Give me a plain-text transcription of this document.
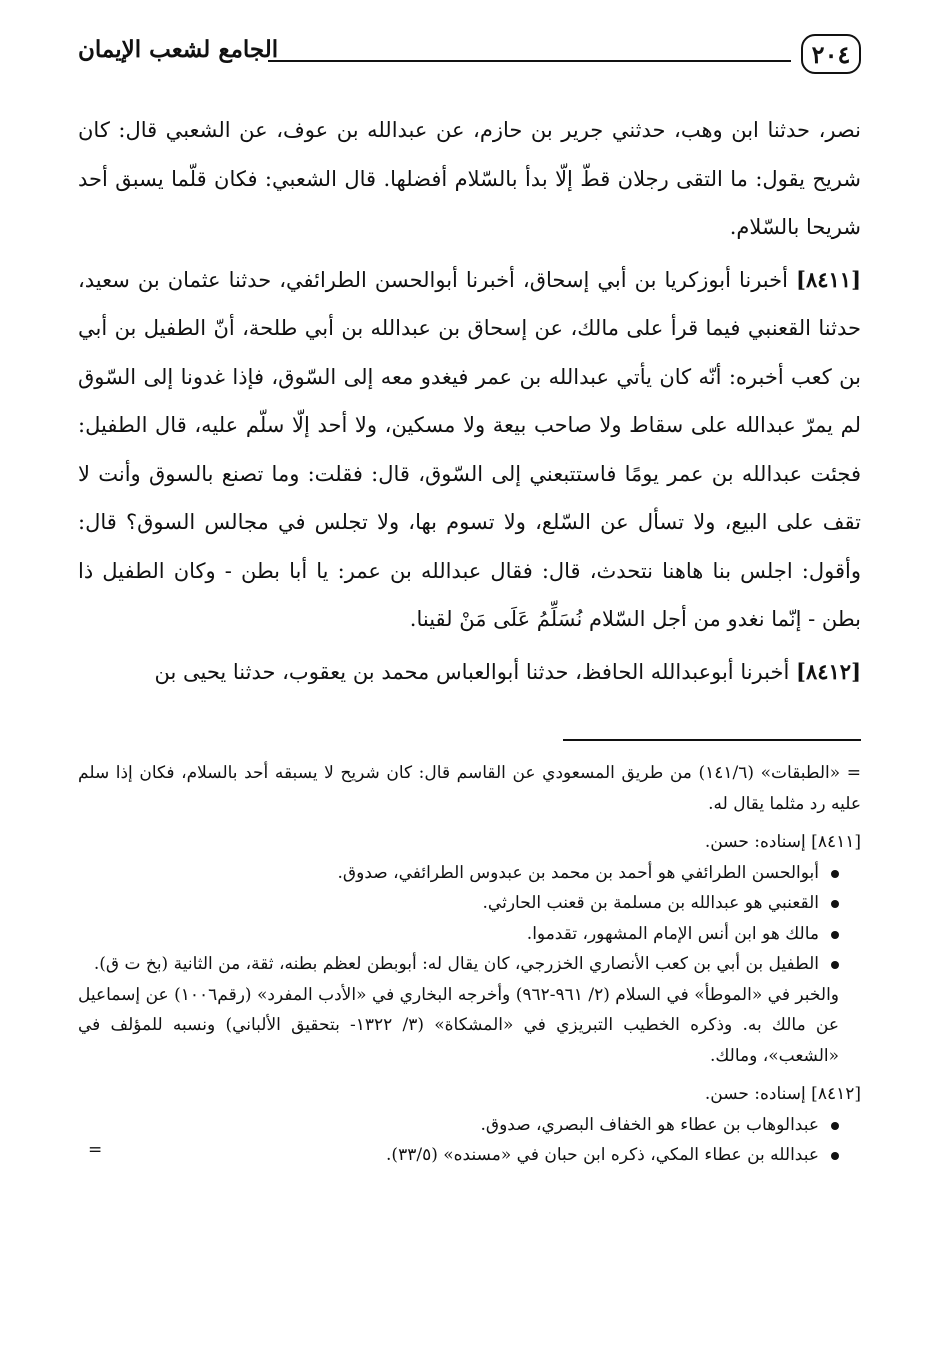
٢٠٤
الجامع لشعب الإيمان

نصر، حدثنا ابن وهب، حدثني جرير بن حازم، عن عبدالله بن عوف، عن الشعبي قال: كان شريح يقول: ما التقى رجلان قطّ إلّا بدأ بالسّلام أفضلها. قال الشعبي: فكان قلّما يسبق أحد شريحا بالسّلام.

[٨٤١١] أخبرنا أبوزكريا بن أبي إسحاق، أخبرنا أبوالحسن الطرائفي، حدثنا عثمان بن سعيد، حدثنا القعنبي فيما قرأ على مالك، عن إسحاق بن عبدالله بن أبي طلحة، أنّ الطفيل بن أبي بن كعب أخبره: أنّه كان يأتي عبدالله بن عمر فيغدو معه إلى السّوق، فإذا غدونا إلى السّوق لم يمرّ عبدالله على سقاط ولا صاحب بيعة ولا مسكين، ولا أحد إلّا سلّم عليه، قال الطفيل: فجئت عبدالله بن عمر يومًا فاستتبعني إلى السّوق، قال: فقلت: وما تصنع بالسوق وأنت لا تقف على البيع، ولا تسأل عن السّلع، ولا تسوم بها، ولا تجلس في مجالس السوق؟ قال: وأقول: اجلس بنا هاهنا نتحدث، قال: فقال عبدالله بن عمر: يا أبا بطن - وكان الطفيل ذا بطن - إنّما نغدو من أجل السّلام نُسَلِّمُ عَلَى مَنْ لقينا.

[٨٤١٢] أخبرنا أبوعبدالله الحافظ، حدثنا أبوالعباس محمد بن يعقوب، حدثنا يحيى بن

= «الطبقات» (١٤١/٦) من طريق المسعودي عن القاسم قال: كان شريح لا يسبقه أحد بالسلام، فكان إذا سلم عليه رد مثلما يقال له.

[٨٤١١] إسناده: حسن.

أبوالحسن الطرائفي هو أحمد بن محمد بن عبدوس الطرائفي، صدوق.
القعنبي هو عبدالله بن مسلمة بن قعنب الحارثي.
مالك هو ابن أنس الإمام المشهور، تقدموا.
الطفيل بن أبي بن كعب الأنصاري الخزرجي، كان يقال له: أبوبطن لعظم بطنه، ثقة، من الثانية (بخ ت ق).

والخبر في «الموطأ» في السلام (٢/ ٩٦١-٩٦٢) وأخرجه البخاري في «الأدب المفرد» (رقم١٠٠٦) عن إسماعيل عن مالك به. وذكره الخطيب التبريزي في «المشكاة» (٣/ ١٣٢٢- بتحقيق الألباني) ونسبه للمؤلف في «الشعب»، ومالك.

[٨٤١٢] إسناده: حسن.

عبدالوهاب بن عطاء هو الخفاف البصري، صدوق.
عبدالله بن عطاء المكي، ذكره ابن حبان في «مسنده» (٣٣/٥).
=
